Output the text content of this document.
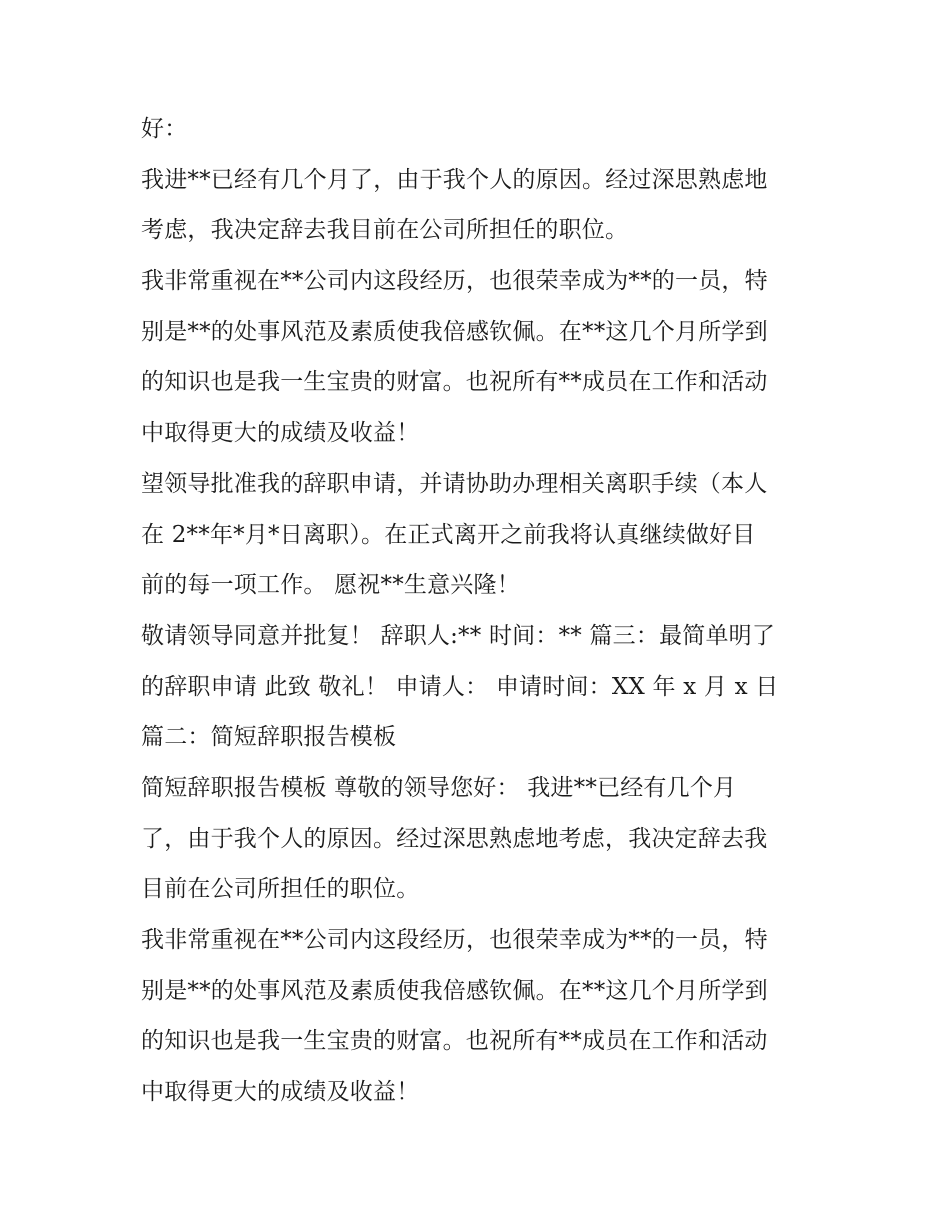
好：
我进**已经有几个月了，由于我个人的原因。经过深思熟虑地
考虑，我决定辞去我目前在公司所担任的职位。
我非常重视在**公司内这段经历，也很荣幸成为**的一员，特
别是**的处事风范及素质使我倍感钦佩。在**这几个月所学到
的知识也是我一生宝贵的财富。也祝所有**成员在工作和活动
中取得更大的成绩及收益！
望领导批准我的辞职申请，并请协助办理相关离职手续（本人
在 2**年*月*日离职）。在正式离开之前我将认真继续做好目
前的每一项工作。 愿祝**生意兴隆！
敬请领导同意并批复！ 辞职人:** 时间：** 篇三：最简单明了
的辞职申请 此致 敬礼！ 申请人： 申请时间：XX 年 x 月 x 日
篇二：简短辞职报告模板
简短辞职报告模板 尊敬的领导您好： 我进**已经有几个月
了，由于我个人的原因。经过深思熟虑地考虑，我决定辞去我
目前在公司所担任的职位。
我非常重视在**公司内这段经历，也很荣幸成为**的一员，特
别是**的处事风范及素质使我倍感钦佩。在**这几个月所学到
的知识也是我一生宝贵的财富。也祝所有**成员在工作和活动
中取得更大的成绩及收益！
